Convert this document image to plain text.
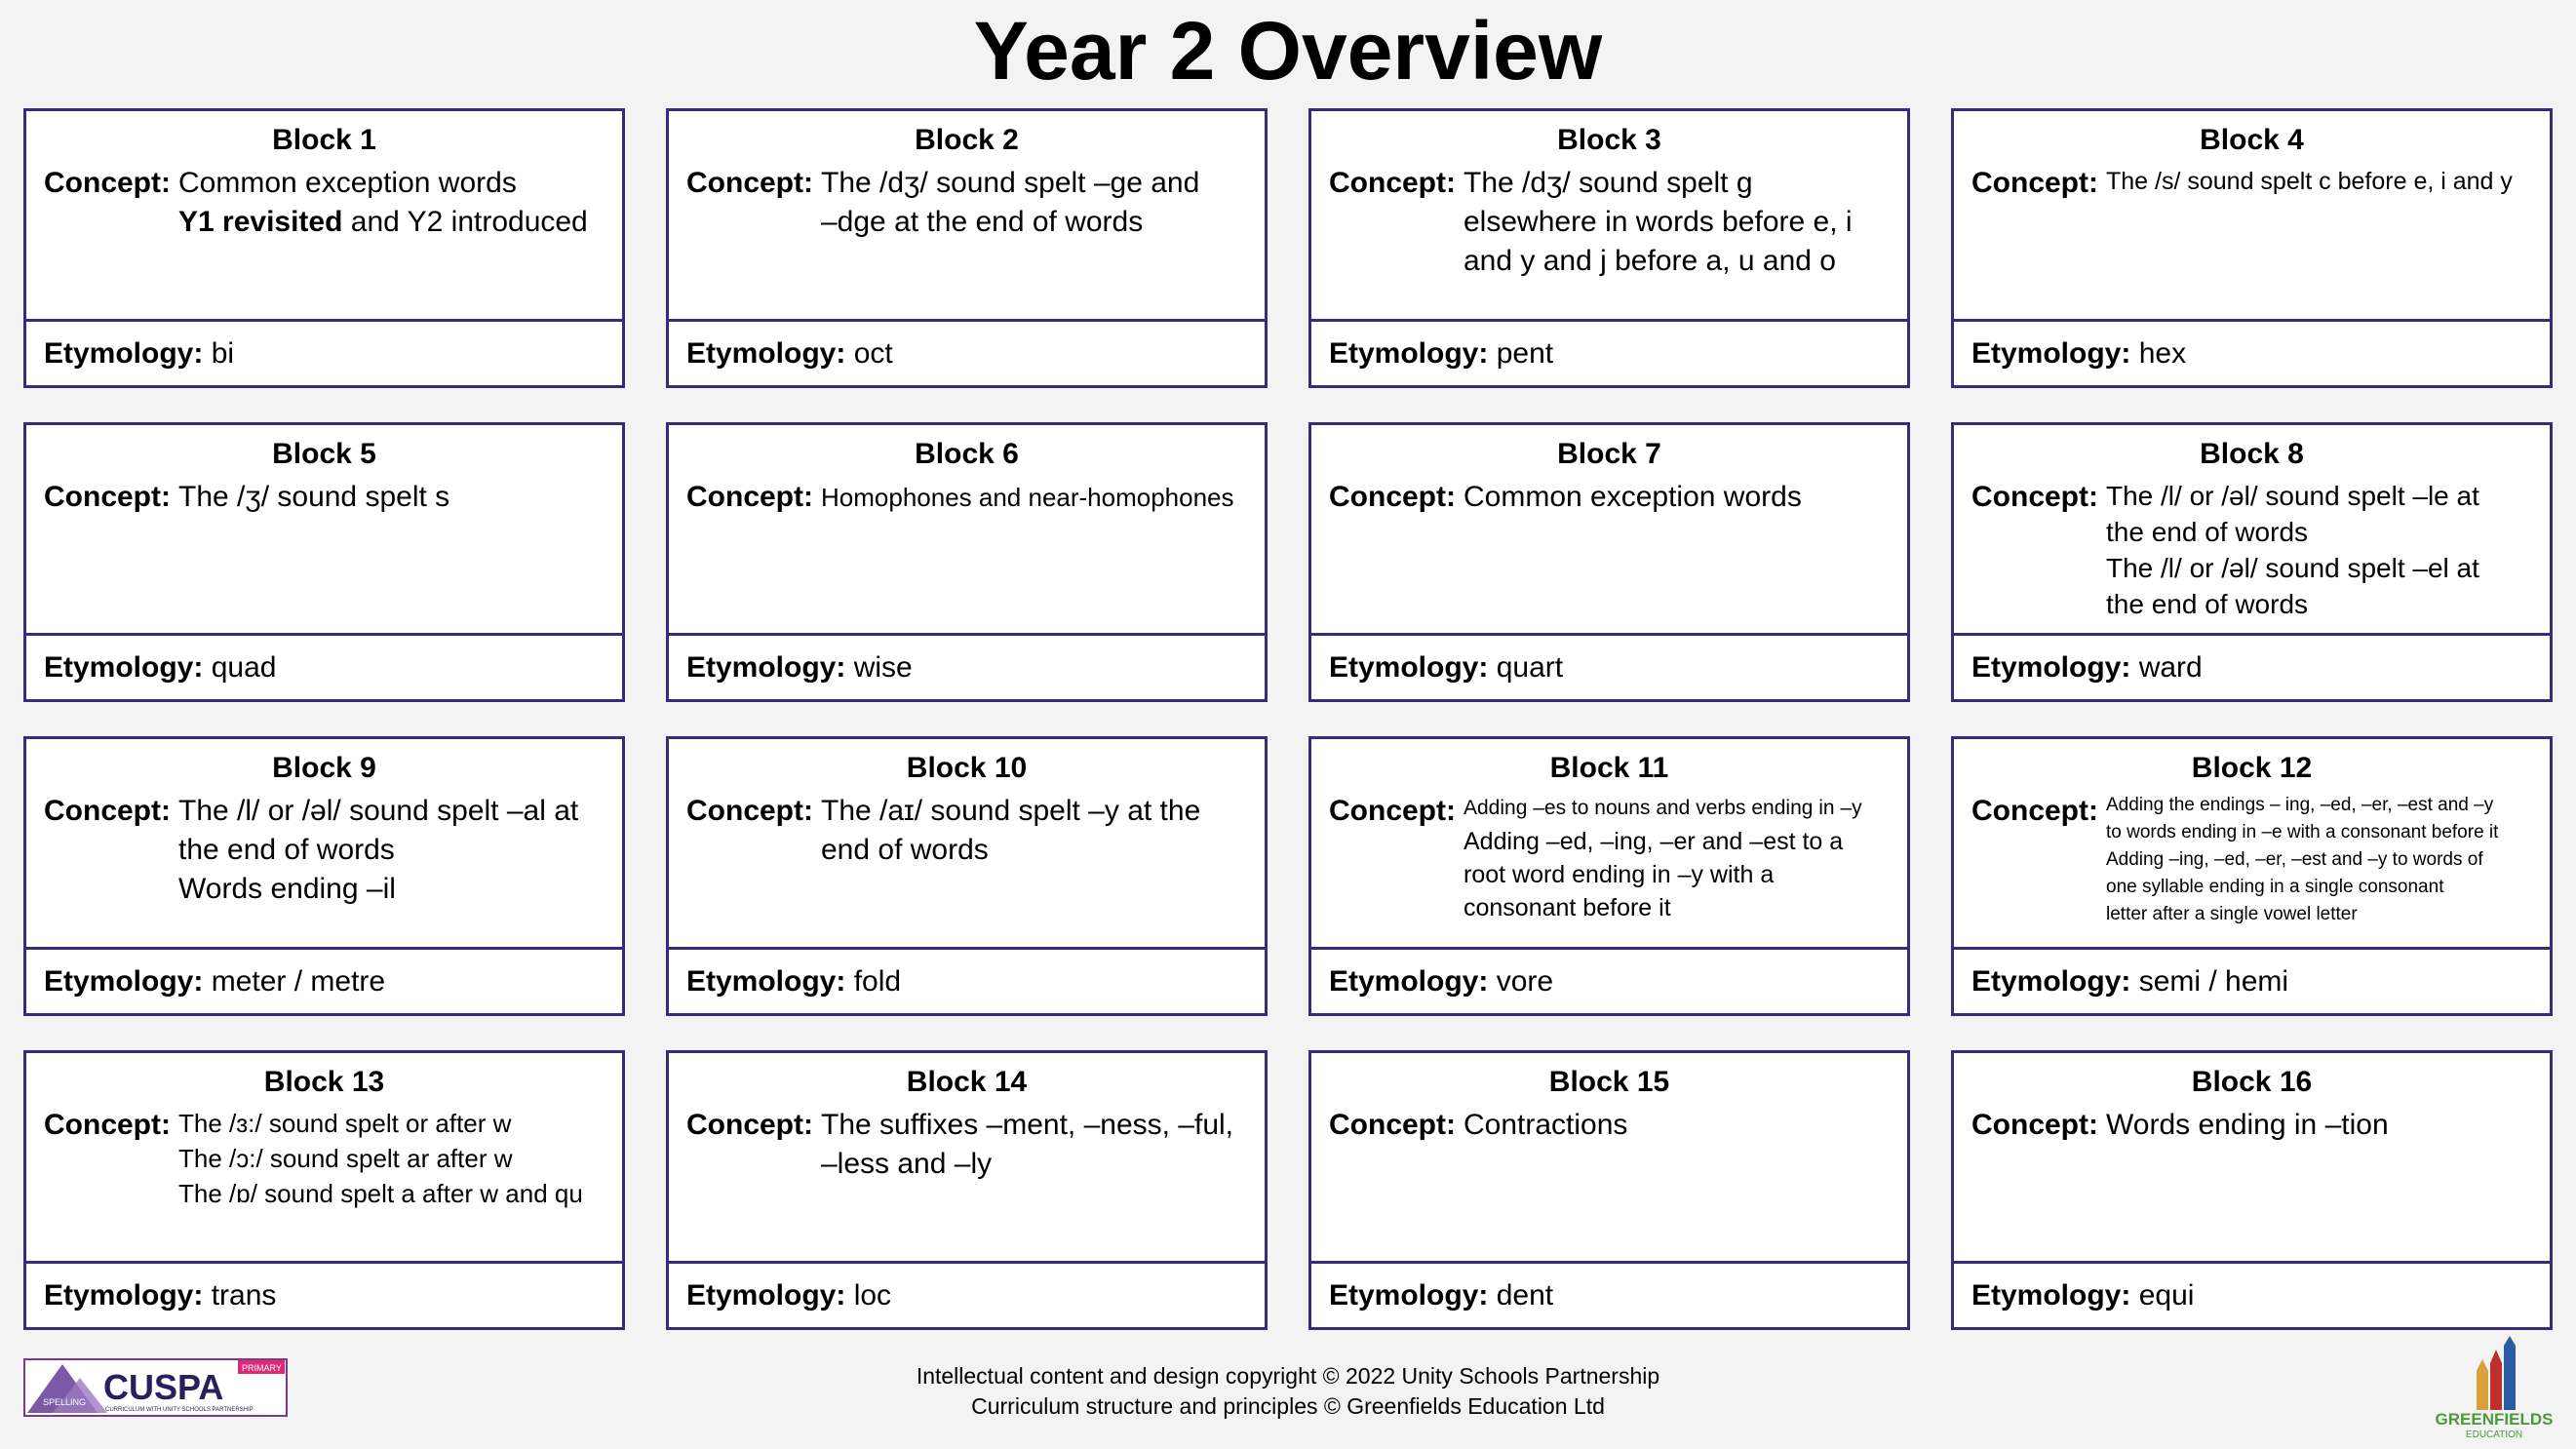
Year 2 Overview
Block 1
Concept: Common exception words
Y1 revisited and Y2 introduced
Etymology: bi
Block 2
Concept: The /dʒ/ sound spelt –ge and
–dge at the end of words
Etymology: oct
Block 3
Concept: The /dʒ/ sound spelt g
elsewhere in words before e, i
and y and j before a, u and o
Etymology: pent
Block 4
Concept: The /s/ sound spelt c before e, i and y
Etymology: hex
Block 5
Concept: The /ʒ/ sound spelt s
Etymology: quad
Block 6
Concept: Homophones and near-homophones
Etymology: wise
Block 7
Concept: Common exception words
Etymology: quart
Block 8
Concept: The /l/ or /əl/ sound spelt –le at
the end of words
The /l/ or /əl/ sound spelt –el at
the end of words
Etymology: ward
Block 9
Concept: The /l/ or /əl/ sound spelt –al at
the end of words
Words ending –il
Etymology: meter / metre
Block 10
Concept: The /aɪ/ sound spelt –y at the
end of words
Etymology: fold
Block 11
Concept: Adding –es to nouns and verbs ending in –y
Adding –ed, –ing, –er and –est to a
root word ending in –y with a
consonant before it
Etymology: vore
Block 12
Concept: Adding the endings – ing, –ed, –er, –est and –y
to words ending in –e with a consonant before it
Adding –ing, –ed, –er, –est and –y to words of
one syllable ending in a single consonant
letter after a single vowel letter
Etymology: semi / hemi
Block 13
Concept: The /ɜ:/ sound spelt or after w
The /ɔ:/ sound spelt ar after w
The /ɒ/ sound spelt a after w and qu
Etymology: trans
Block 14
Concept: The suffixes –ment, –ness, –ful,
–less and –ly
Etymology: loc
Block 15
Concept: Contractions
Etymology: dent
Block 16
Concept: Words ending in –tion
Etymology: equi
SPELLING CUSPA PRIMARY
CURRICULUM WITH UNITY SCHOOLS PARTNERSHIP
Intellectual content and design copyright © 2022 Unity Schools Partnership
Curriculum structure and principles © Greenfields Education Ltd
GREENFIELDS
EDUCATION
